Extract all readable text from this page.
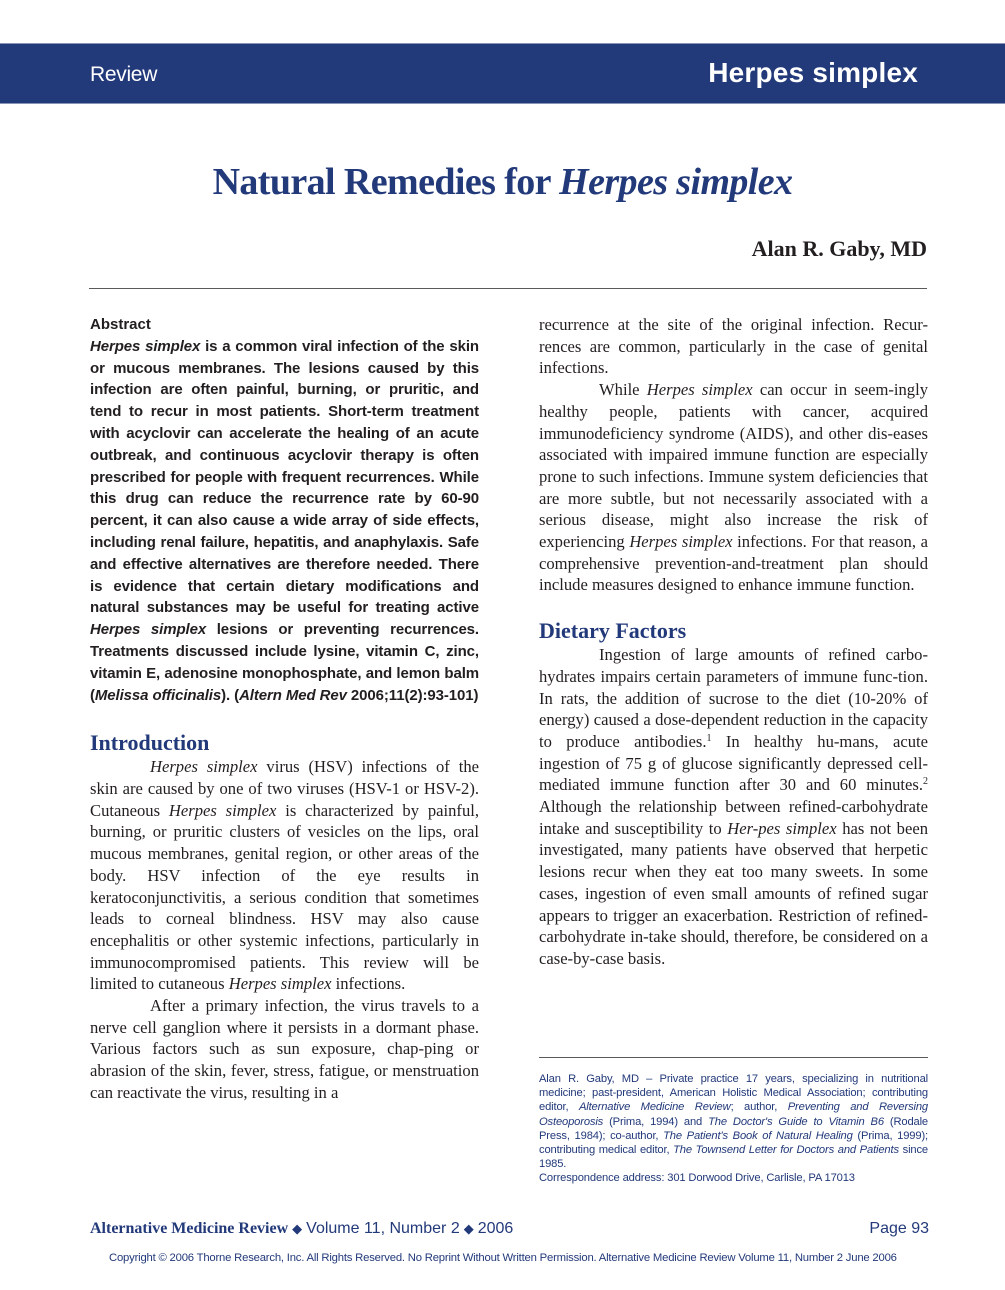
Review	Herpes simplex
Natural Remedies for Herpes simplex
Alan R. Gaby, MD
Abstract

Herpes simplex is a common viral infection of the skin or mucous membranes. The lesions caused by this infection are often painful, burning, or pruritic, and tend to recur in most patients. Short-term treatment with acyclovir can accelerate the healing of an acute outbreak, and continuous acyclovir therapy is often prescribed for people with frequent recurrences. While this drug can reduce the recurrence rate by 60-90 percent, it can also cause a wide array of side effects, including renal failure, hepatitis, and anaphylaxis. Safe and effective alternatives are therefore needed. There is evidence that certain dietary modifications and natural substances may be useful for treating active Herpes simplex lesions or preventing recurrences. Treatments discussed include lysine, vitamin C, zinc, vitamin E, adenosine monophosphate, and lemon balm (Melissa officinalis). (Altern Med Rev 2006;11(2):93-101)

Introduction

Herpes simplex virus (HSV) infections of the skin are caused by one of two viruses (HSV-1 or HSV-2). Cutaneous Herpes simplex is characterized by painful, burning, or pruritic clusters of vesicles on the lips, oral mucous membranes, genital region, or other areas of the body. HSV infection of the eye results in keratoconjunctivitis, a serious condition that sometimes leads to corneal blindness. HSV may also cause encephalitis or other systemic infections, particularly in immunocompromised patients. This review will be limited to cutaneous Herpes simplex infections.

After a primary infection, the virus travels to a nerve cell ganglion where it persists in a dormant phase. Various factors such as sun exposure, chap-ping or abrasion of the skin, fever, stress, fatigue, or menstruation can reactivate the virus, resulting in a

recurrence at the site of the original infection. Recur-rences are common, particularly in the case of genital infections.

While Herpes simplex can occur in seem-ingly healthy people, patients with cancer, acquired immunodeficiency syndrome (AIDS), and other dis-eases associated with impaired immune function are especially prone to such infections. Immune system deficiencies that are more subtle, but not necessarily associated with a serious disease, might also increase the risk of experiencing Herpes simplex infections. For that reason, a comprehensive prevention-and-treatment plan should include measures designed to enhance immune function.

Dietary Factors

Ingestion of large amounts of refined carbo-hydrates impairs certain parameters of immune func-tion. In rats, the addition of sucrose to the diet (10-20% of energy) caused a dose-dependent reduction in the capacity to produce antibodies.$^1$ In healthy hu-mans, acute ingestion of 75 g of glucose significantly depressed cell-mediated immune function after 30 and 60 minutes.$^2$ Although the relationship between refined-carbohydrate intake and susceptibility to Her-pes simplex has not been investigated, many patients have observed that herpetic lesions recur when they eat too many sweets. In some cases, ingestion of even small amounts of refined sugar appears to trigger an exacerbation. Restriction of refined-carbohydrate in-take should, therefore, be considered on a case-by-case basis.

Alan R. Gaby, MD – Private practice 17 years, specializing in nutritional medicine; past-president, American Holistic Medical Association; contributing editor, Alternative Medicine Review; author, Preventing and Reversing Osteoporosis (Prima, 1994) and The Doctor's Guide to Vitamin B6 (Rodale Press, 1984); co-author, The Patient's Book of Natural Healing (Prima, 1999); contributing medical editor, The Townsend Letter for Doctors and Patients since 1985.

Correspondence address: 301 Dorwood Drive, Carlisle, PA 17013

Alternative Medicine Review ◆ Volume 11, Number 2 ◆ 2006	Page 93
Copyright © 2006 Thorne Research, Inc. All Rights Reserved. No Reprint Without Written Permission. Alternative Medicine Review Volume 11, Number 2 June 2006
